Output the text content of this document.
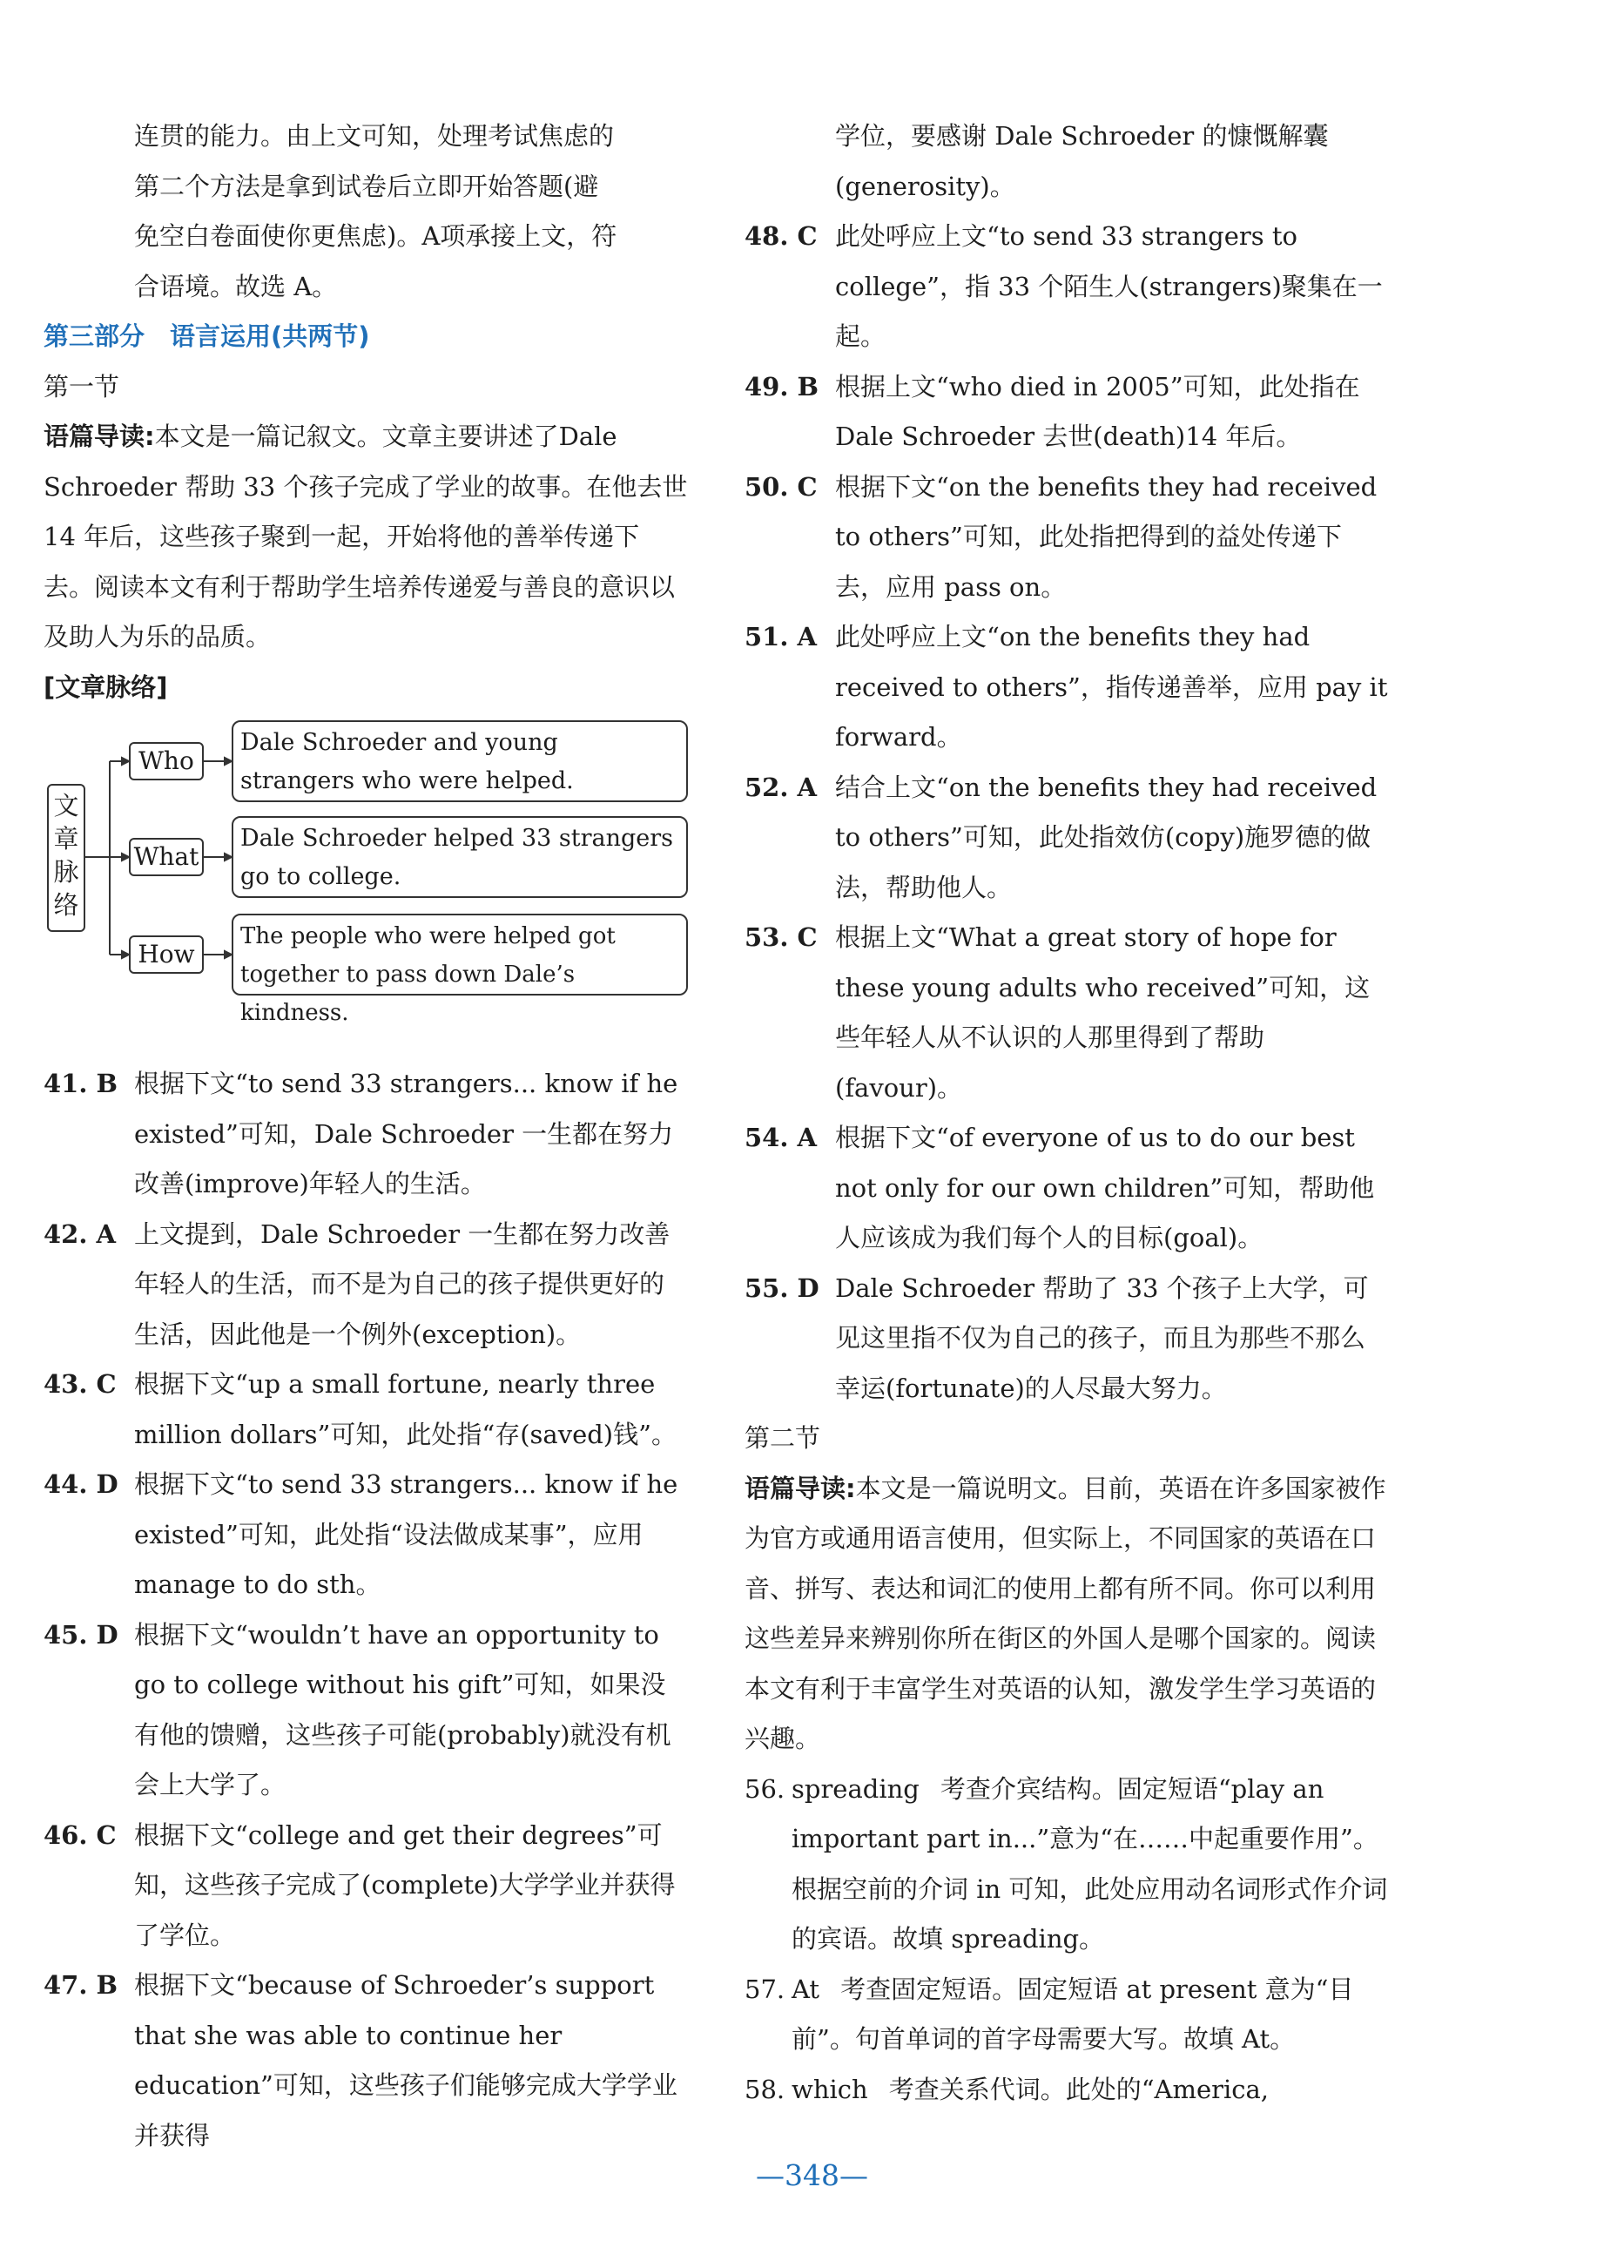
连贯的能力。由上文可知，处理考试焦虑的
第二个方法是拿到试卷后立即开始答题(避
免空白卷面使你更焦虑)。A项承接上文，符
合语境。故选 A。
第三部分　语言运用(共两节)
第一节

语篇导读:本文是一篇记叙文。文章主要讲述了Dale Schroeder 帮助 33 个孩子完成了学业的故事。在他去世 14 年后，这些孩子聚到一起，开始将他的善举传递下去。阅读本文有利于帮助学生培养传递爱与善良的意识以及助人为乐的品质。

[文章脉络]
文
章
脉
络
Who
Dale Schroeder and young strangers who were helped.
What
Dale Schroeder helped 33 strangers go to college.
How
The people who were helped got together to pass down Dale’s kindness.
41. B 根据下文“to send 33 strangers... know if he existed”可知，Dale Schroeder 一生都在努力改善(improve)年轻人的生活。
42. A 上文提到，Dale Schroeder 一生都在努力改善年轻人的生活，而不是为自己的孩子提供更好的生活，因此他是一个例外(exception)。
43. C 根据下文“up a small fortune, nearly three million dollars”可知，此处指“存(saved)钱”。
44. D 根据下文“to send 33 strangers... know if he existed”可知，此处指“设法做成某事”，应用 manage to do sth。
45. D 根据下文“wouldn’t have an opportunity to go to college without his gift”可知，如果没有他的馈赠，这些孩子可能(probably)就没有机会上大学了。
46. C 根据下文“college and get their degrees”可知，这些孩子完成了(complete)大学学业并获得了学位。
47. B 根据下文“because of Schroeder’s support that she was able to continue her education”可知，这些孩子们能够完成大学学业并获得
学位，要感谢 Dale Schroeder 的慷慨解囊
(generosity)。
48. C 此处呼应上文“to send 33 strangers to college”，指 33 个陌生人(strangers)聚集在一起。
49. B 根据上文“who died in 2005”可知，此处指在 Dale Schroeder 去世(death)14 年后。
50. C 根据下文“on the benefits they had received to others”可知，此处指把得到的益处传递下去，应用 pass on。
51. A 此处呼应上文“on the benefits they had received to others”，指传递善举，应用 pay it forward。
52. A 结合上文“on the benefits they had received to others”可知，此处指效仿(copy)施罗德的做法，帮助他人。
53. C 根据上文“What a great story of hope for these young adults who received”可知，这些年轻人从不认识的人那里得到了帮助(favour)。
54. A 根据下文“of everyone of us to do our best not only for our own children”可知，帮助他人应该成为我们每个人的目标(goal)。
55. D Dale Schroeder 帮助了 33 个孩子上大学，可见这里指不仅为自己的孩子，而且为那些不那么幸运(fortunate)的人尽最大努力。
第二节

语篇导读:本文是一篇说明文。目前，英语在许多国家被作为官方或通用语言使用，但实际上，不同国家的英语在口音、拼写、表达和词汇的使用上都有所不同。你可以利用这些差异来辨别你所在街区的外国人是哪个国家的。阅读本文有利于丰富学生对英语的认知，激发学生学习英语的兴趣。

56. spreading 考查介宾结构。固定短语“play an important part in...”意为“在……中起重要作用”。根据空前的介词 in 可知，此处应用动名词形式作介词的宾语。故填 spreading。
57. At 考查固定短语。固定短语 at present 意为“目前”。句首单词的首字母需要大写。故填 At。
58. which 考查关系代词。此处的“America,
—348—
